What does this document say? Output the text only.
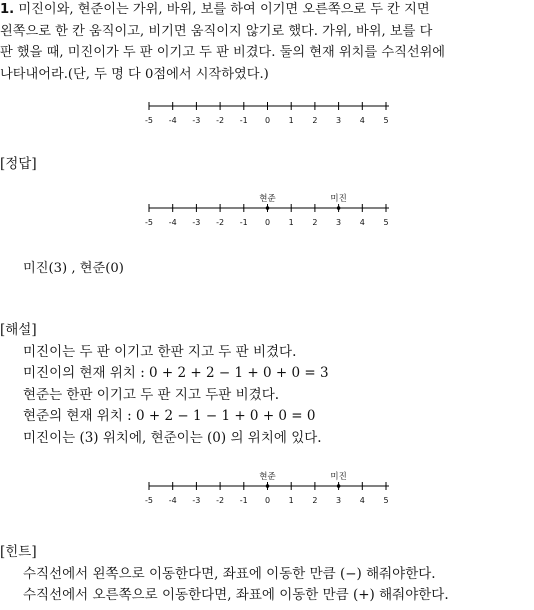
1. 미진이와, 현준이는 가위, 바위, 보를 하여 이기면 오른쪽으로 두 칸 지면

왼쪽으로 한 칸 움직이고, 비기면 움직이지 않기로 했다. 가위, 바위, 보를 다

판 했을 때, 미진이가 두 판 이기고 두 판 비겼다. 둘의 현재 위치를 수직선위에

나타내어라.(단, 두 명 다 0점에서 시작하였다.)

-5 -4 -3 -2 -1 0 1 2 3 4 5

[정답]

-5 -4 -3 -2 -1 0 1 2 3 4 5
현준	미진

미진(3) , 현준(0)

[해설]

미진이는 두 판 이기고 한판 지고 두 판 비겼다.

미진이의 현재 위치 : 0 + 2 + 2 − 1 + 0 + 0 = 3

현준는 한판 이기고 두 판 지고 두판 비겼다.

현준의 현재 위치 : 0 + 2 − 1 − 1 + 0 + 0 = 0

미진이는 (3) 위치에, 현준이는 (0) 의 위치에 있다.

-5 -4 -3 -2 -1 0 1 2 3 4 5
현준	미진

[힌트]

수직선에서 왼쪽으로 이동한다면, 좌표에 이동한 만큼 (−) 해줘야한다.

수직선에서 오른쪽으로 이동한다면, 좌표에 이동한 만큼 (+) 해줘야한다.
